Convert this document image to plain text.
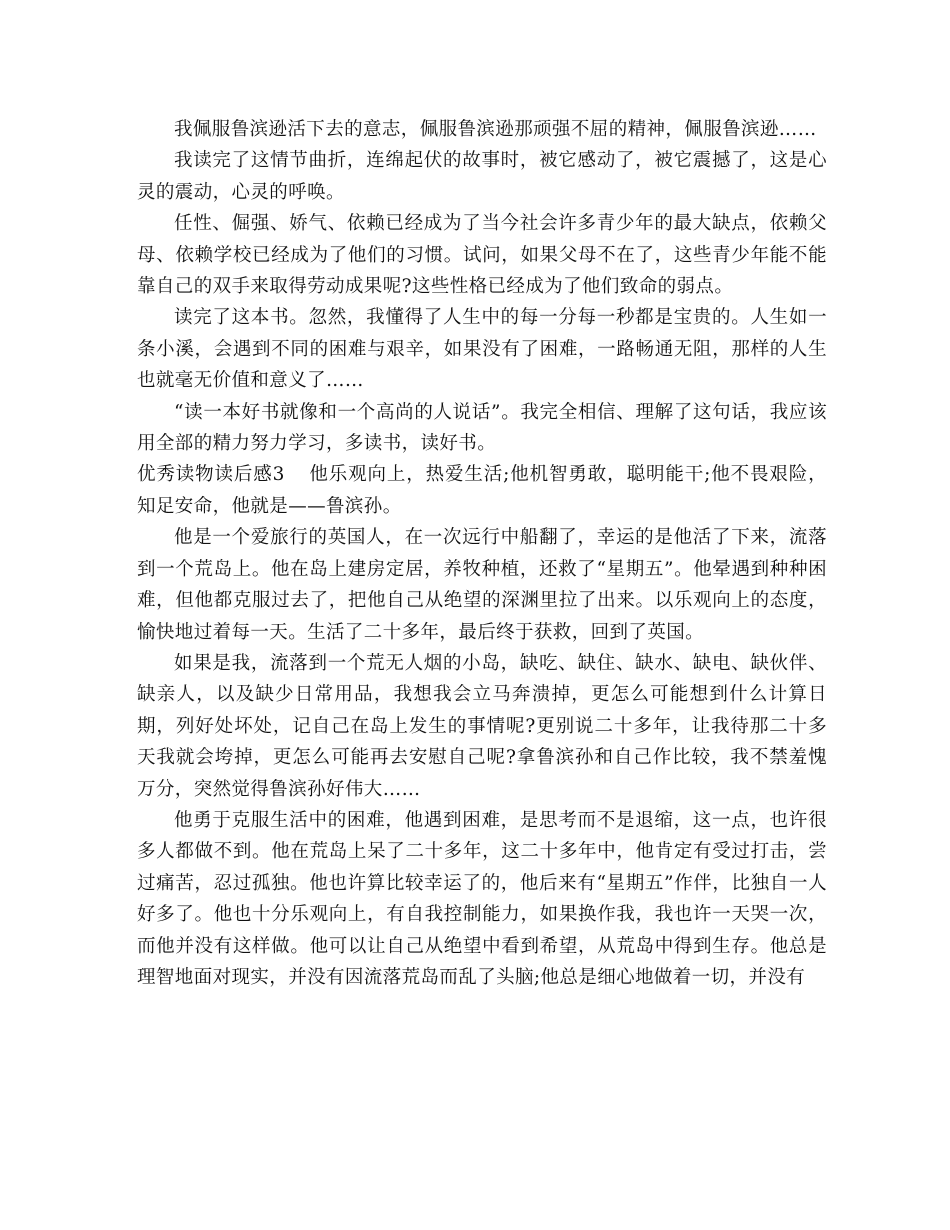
我佩服鲁滨逊活下去的意志，佩服鲁滨逊那顽强不屈的精神，佩服鲁滨逊……

我读完了这情节曲折，连绵起伏的故事时，被它感动了，被它震撼了，这是心灵的震动，心灵的呼唤。

任性、倔强、娇气、依赖已经成为了当今社会许多青少年的最大缺点，依赖父母、依赖学校已经成为了他们的习惯。试问，如果父母不在了，这些青少年能不能靠自己的双手来取得劳动成果呢?这些性格已经成为了他们致命的弱点。

读完了这本书。忽然，我懂得了人生中的每一分每一秒都是宝贵的。人生如一条小溪，会遇到不同的困难与艰辛，如果没有了困难，一路畅通无阻，那样的人生也就毫无价值和意义了……

“读一本好书就像和一个高尚的人说话”。我完全相信、理解了这句话，我应该用全部的精力努力学习，多读书，读好书。

优秀读物读后感3 他乐观向上，热爱生活;他机智勇敢，聪明能干;他不畏艰险，知足安命，他就是——鲁滨孙。

他是一个爱旅行的英国人，在一次远行中船翻了，幸运的是他活了下来，流落到一个荒岛上。他在岛上建房定居，养牧种植，还救了“星期五”。他晕遇到种种困难，但他都克服过去了，把他自己从绝望的深渊里拉了出来。以乐观向上的态度，愉快地过着每一天。生活了二十多年，最后终于获救，回到了英国。

如果是我，流落到一个荒无人烟的小岛，缺吃、缺住、缺水、缺电、缺伙伴、缺亲人，以及缺少日常用品，我想我会立马奔溃掉，更怎么可能想到什么计算日期，列好处坏处，记自己在岛上发生的事情呢?更别说二十多年，让我待那二十多天我就会垮掉，更怎么可能再去安慰自己呢?拿鲁滨孙和自己作比较，我不禁羞愧万分，突然觉得鲁滨孙好伟大……

他勇于克服生活中的困难，他遇到困难，是思考而不是退缩，这一点，也许很多人都做不到。他在荒岛上呆了二十多年，这二十多年中，他肯定有受过打击，尝过痛苦，忍过孤独。他也许算比较幸运了的，他后来有“星期五”作伴，比独自一人好多了。他也十分乐观向上，有自我控制能力，如果换作我，我也许一天哭一次，而他并没有这样做。他可以让自己从绝望中看到希望，从荒岛中得到生存。他总是理智地面对现实，并没有因流落荒岛而乱了头脑;他总是细心地做着一切，并没有
